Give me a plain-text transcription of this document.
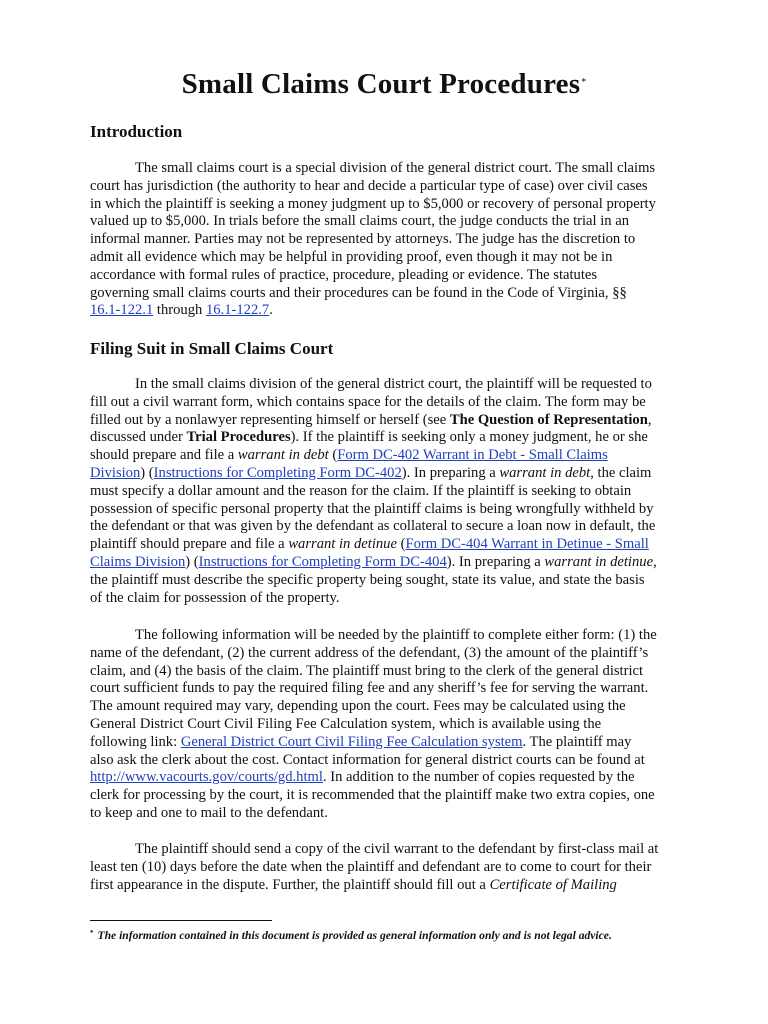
Small Claims Court Procedures*
Introduction
The small claims court is a special division of the general district court. The small claims
court has jurisdiction (the authority to hear and decide a particular type of case) over civil cases
in which the plaintiff is seeking a money judgment up to $5,000 or recovery of personal property
valued up to $5,000. In trials before the small claims court, the judge conducts the trial in an
informal manner. Parties may not be represented by attorneys. The judge has the discretion to
admit all evidence which may be helpful in providing proof, even though it may not be in
accordance with formal rules of practice, procedure, pleading or evidence. The statutes
governing small claims courts and their procedures can be found in the Code of Virginia, §§
16.1-122.1 through 16.1-122.7.
Filing Suit in Small Claims Court
In the small claims division of the general district court, the plaintiff will be requested to
fill out a civil warrant form, which contains space for the details of the claim. The form may be
filled out by a nonlawyer representing himself or herself (see The Question of Representation,
discussed under Trial Procedures). If the plaintiff is seeking only a money judgment, he or she
should prepare and file a warrant in debt (Form DC-402 Warrant in Debt - Small Claims
Division) (Instructions for Completing Form DC-402). In preparing a warrant in debt, the claim
must specify a dollar amount and the reason for the claim. If the plaintiff is seeking to obtain
possession of specific personal property that the plaintiff claims is being wrongfully withheld by
the defendant or that was given by the defendant as collateral to secure a loan now in default, the
plaintiff should prepare and file a warrant in detinue (Form DC-404 Warrant in Detinue - Small
Claims Division) (Instructions for Completing Form DC-404). In preparing a warrant in detinue,
the plaintiff must describe the specific property being sought, state its value, and state the basis
of the claim for possession of the property.
The following information will be needed by the plaintiff to complete either form: (1) the
name of the defendant, (2) the current address of the defendant, (3) the amount of the plaintiff’s
claim, and (4) the basis of the claim. The plaintiff must bring to the clerk of the general district
court sufficient funds to pay the required filing fee and any sheriff’s fee for serving the warrant.
The amount required may vary, depending upon the court. Fees may be calculated using the
General District Court Civil Filing Fee Calculation system, which is available using the
following link: General District Court Civil Filing Fee Calculation system. The plaintiff may
also ask the clerk about the cost. Contact information for general district courts can be found at
http://www.vacourts.gov/courts/gd.html. In addition to the number of copies requested by the
clerk for processing by the court, it is recommended that the plaintiff make two extra copies, one
to keep and one to mail to the defendant.
The plaintiff should send a copy of the civil warrant to the defendant by first-class mail at
least ten (10) days before the date when the plaintiff and defendant are to come to court for their
first appearance in the dispute. Further, the plaintiff should fill out a Certificate of Mailing
* The information contained in this document is provided as general information only and is not legal advice.
